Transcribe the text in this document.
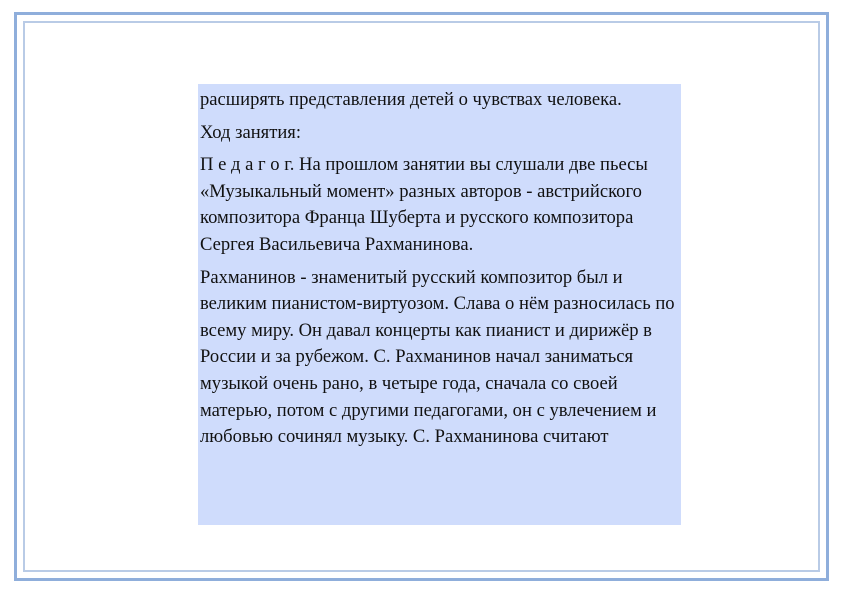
расширять представления детей о чувствах человека.

Ход занятия:

П е д а г о г. На прошлом занятии вы слушали две пьесы «Музыкальный момент» разных авторов - австрийского композитора Франца Шуберта и русского композитора Сергея Васильевича Рахманинова.

Рахманинов - знаменитый русский композитор был и великим пианистом-виртуозом. Слава о нём разносилась по всему миру. Он давал концерты как пианист и дирижёр в России и за рубежом. С. Рахманинов начал заниматься музыкой очень рано, в четыре года, сначала со своей матерью, потом с другими педагогами, он с увлечением и любовью сочинял музыку. С. Рахманинова считают
